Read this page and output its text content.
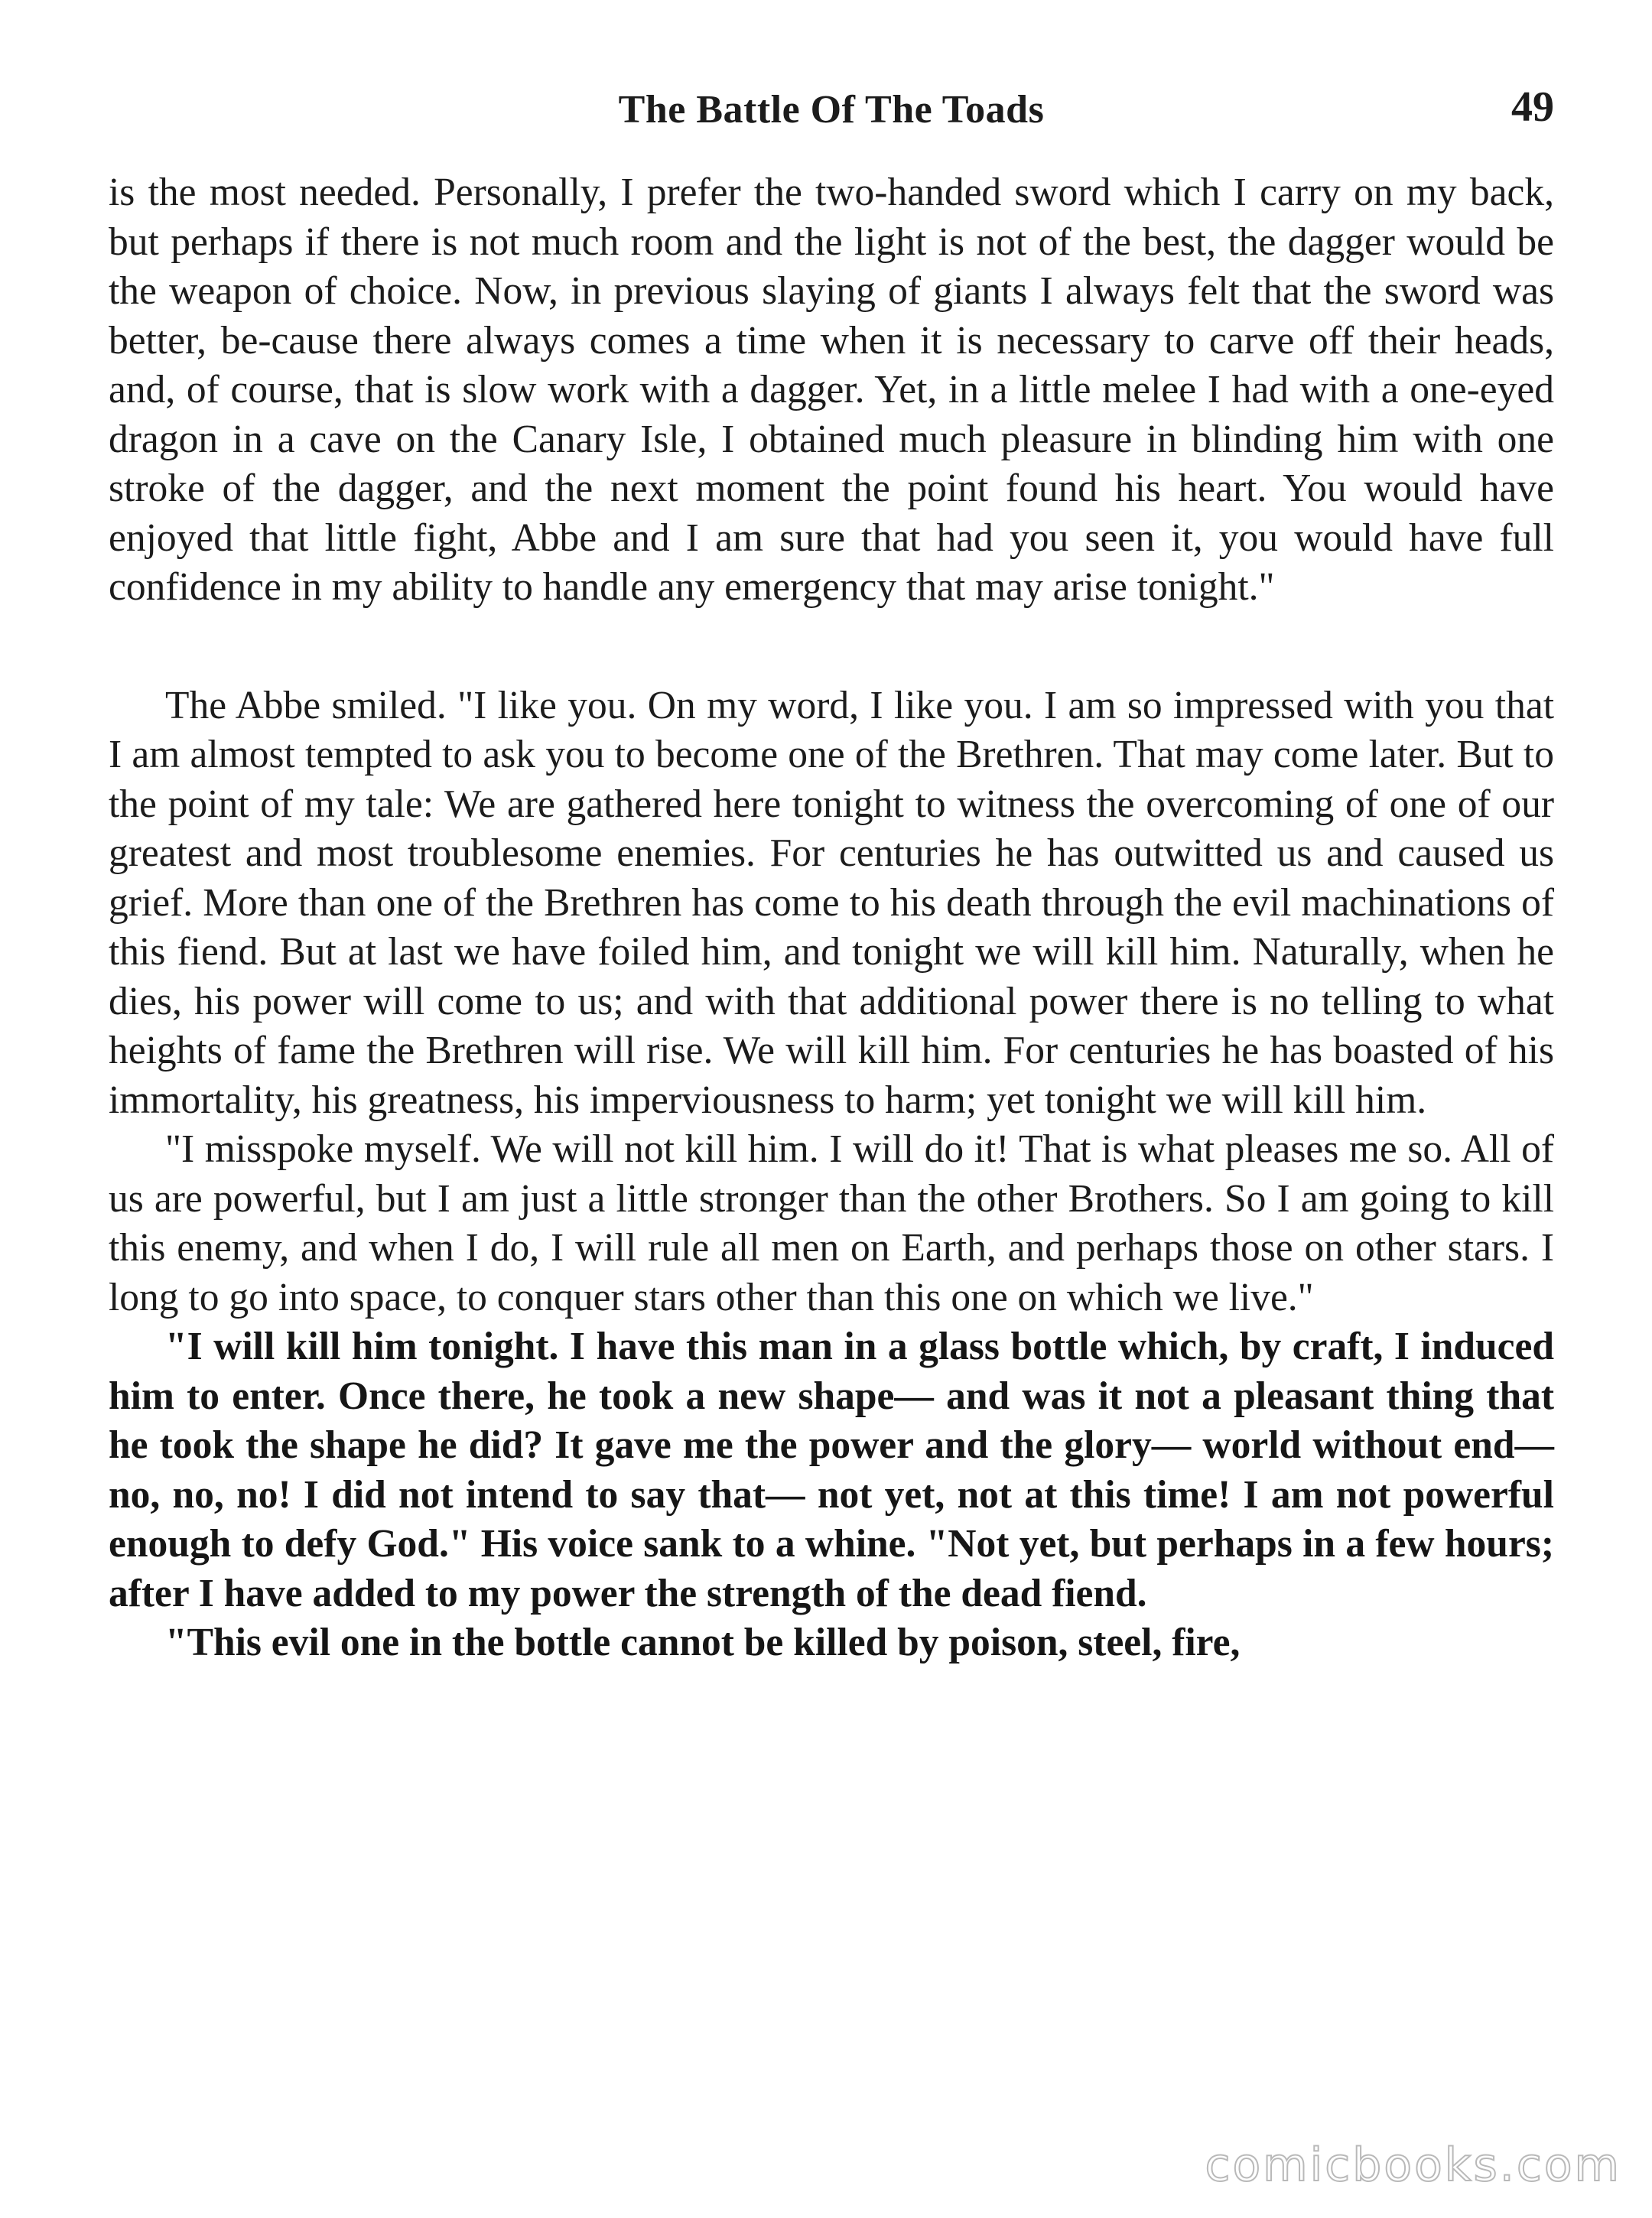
The Battle Of The Toads	49

is the most needed. Personally, I prefer the two-handed sword which I carry on my back, but perhaps if there is not much room and the light is not of the best, the dagger would be the weapon of choice. Now, in previous slaying of giants I always felt that the sword was better, be-cause there always comes a time when it is necessary to carve off their heads, and, of course, that is slow work with a dagger. Yet, in a little melee I had with a one-eyed dragon in a cave on the Canary Isle, I obtained much pleasure in blinding him with one stroke of the dagger, and the next moment the point found his heart. You would have enjoyed that little fight, Abbe and I am sure that had you seen it, you would have full confidence in my ability to handle any emergency that may arise tonight."

The Abbe smiled. "I like you. On my word, I like you. I am so impressed with you that I am almost tempted to ask you to become one of the Brethren. That may come later. But to the point of my tale: We are gathered here tonight to witness the overcoming of one of our greatest and most troublesome enemies. For centuries he has outwitted us and caused us grief. More than one of the Brethren has come to his death through the evil machinations of this fiend. But at last we have foiled him, and tonight we will kill him. Naturally, when he dies, his power will come to us; and with that additional power there is no telling to what heights of fame the Brethren will rise. We will kill him. For centuries he has boasted of his immortality, his greatness, his imperviousness to harm; yet tonight we will kill him.

"I misspoke myself. We will not kill him. I will do it! That is what pleases me so. All of us are powerful, but I am just a little stronger than the other Brothers. So I am going to kill this enemy, and when I do, I will rule all men on Earth, and perhaps those on other stars. I long to go into space, to conquer stars other than this one on which we live."

"I will kill him tonight. I have this man in a glass bottle which, by craft, I induced him to enter. Once there, he took a new shape— and was it not a pleasant thing that he took the shape he did? It gave me the power and the glory— world without end— no, no, no! I did not intend to say that— not yet, not at this time! I am not powerful enough to defy God." His voice sank to a whine. "Not yet, but perhaps in a few hours; after I have added to my power the strength of the dead fiend.

"This evil one in the bottle cannot be killed by poison, steel, fire,

comicbooks.com
